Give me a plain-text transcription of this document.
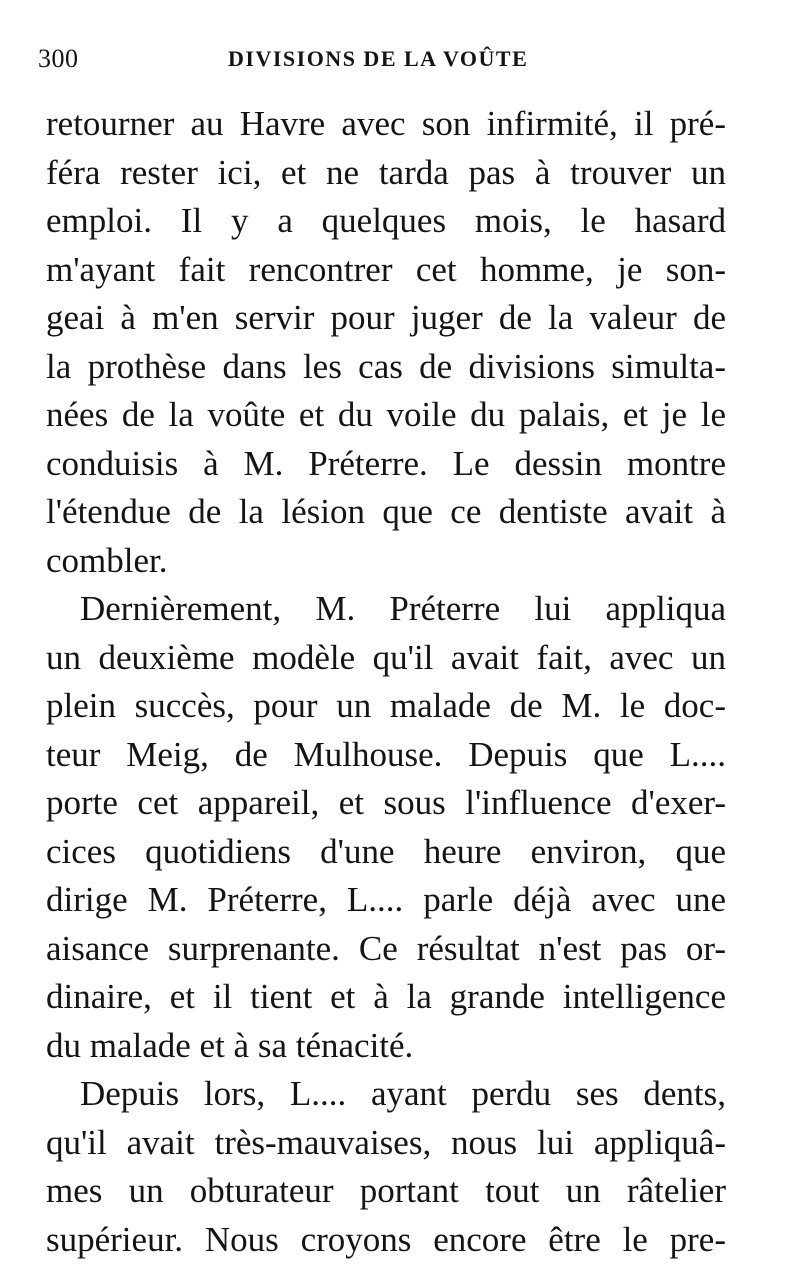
300	DIVISIONS DE LA VOÛTE
retourner au Havre avec son infirmité, il pré-
féra rester ici, et ne tarda pas à trouver un
emploi. Il y a quelques mois, le hasard
m'ayant fait rencontrer cet homme, je son-
geai à m'en servir pour juger de la valeur de
la prothèse dans les cas de divisions simulta-
nées de la voûte et du voile du palais, et je le
conduisis à M. Préterre. Le dessin montre
l'étendue de la lésion que ce dentiste avait à
combler.
Dernièrement, M. Préterre lui appliqua
un deuxième modèle qu'il avait fait, avec un
plein succès, pour un malade de M. le doc-
teur Meig, de Mulhouse. Depuis que L....
porte cet appareil, et sous l'influence d'exer-
cices quotidiens d'une heure environ, que
dirige M. Préterre, L.... parle déjà avec une
aisance surprenante. Ce résultat n'est pas or-
dinaire, et il tient et à la grande intelligence
du malade et à sa ténacité.
Depuis lors, L.... ayant perdu ses dents,
qu'il avait très-mauvaises, nous lui appliquâ-
mes un obturateur portant tout un râtelier
supérieur. Nous croyons encore être le pre-
